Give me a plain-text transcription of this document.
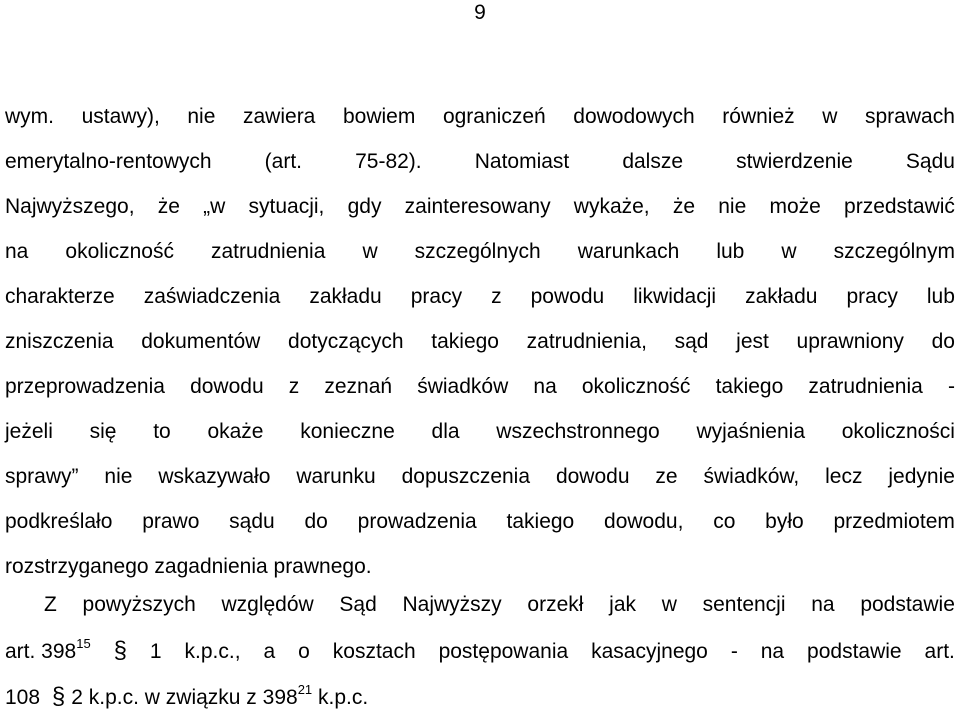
9
wym. ustawy), nie zawiera bowiem ograniczeń dowodowych również w sprawach
emerytalno-rentowych	(art.	75-82).	Natomiast	dalsze	stwierdzenie	Sądu
Najwyższego, że „w sytuacji, gdy zainteresowany wykaże, że nie może przedstawić
na okoliczność zatrudnienia w szczególnych warunkach lub w szczególnym
charakterze zaświadczenia zakładu pracy z powodu likwidacji zakładu pracy lub
zniszczenia dokumentów dotyczących takiego zatrudnienia, sąd jest uprawniony do
przeprowadzenia dowodu z zeznań świadków na okoliczność takiego zatrudnienia -
jeżeli się to okaże konieczne dla wszechstronnego wyjaśnienia okoliczności
sprawy” nie wskazywało warunku dopuszczenia dowodu ze świadków, lecz jedynie
podkreślało prawo sądu do prowadzenia takiego dowodu, co było przedmiotem
rozstrzyganego zagadnienia prawnego.
Z powyższych względów Sąd Najwyższy orzekł jak w sentencji na podstawie
art. $398^{15}$ § 1 k.p.c., a o kosztach postępowania kasacyjnego - na podstawie art.
108 § 2 k.p.c. w związku z $398^{21}$ k.p.c.
